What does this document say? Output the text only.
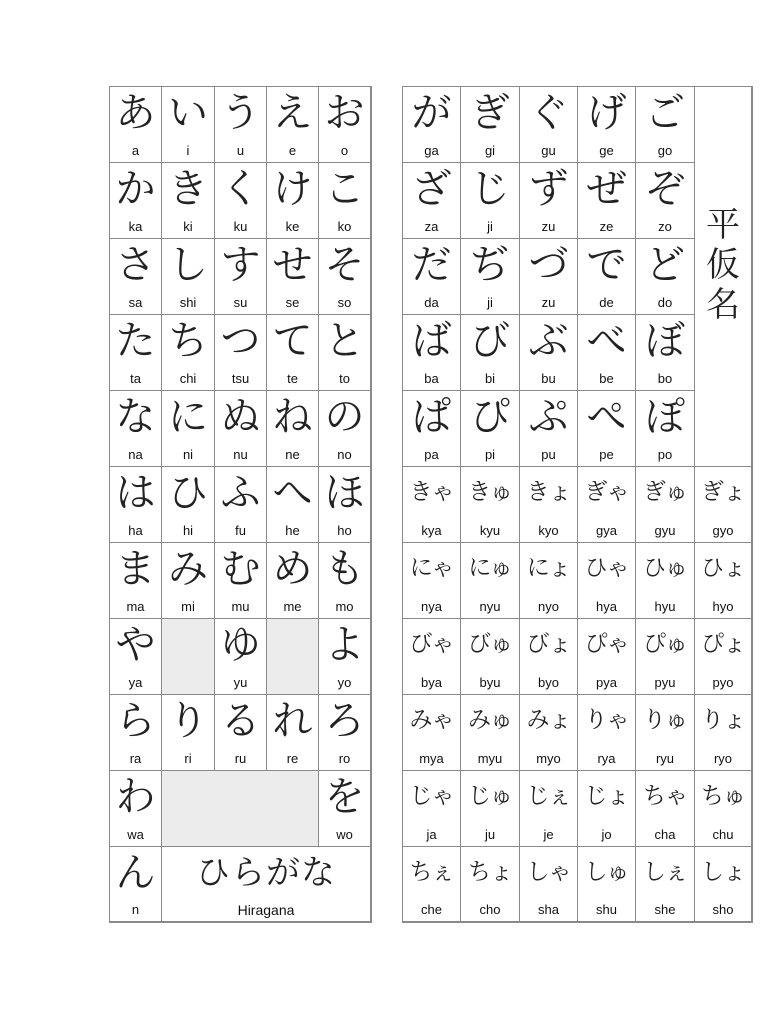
あ
a
い
i
う
u
え
e
お
o
か
ka
き
ki
く
ku
け
ke
こ
ko
さ
sa
し
shi
す
su
せ
se
そ
so
た
ta
ち
chi
つ
tsu
て
te
と
to
な
na
に
ni
ぬ
nu
ね
ne
の
no
は
ha
ひ
hi
ふ
fu
へ
he
ほ
ho
ま
ma
み
mi
む
mu
め
me
も
mo
や
ya
ゆ
yu
よ
yo
ら
ra
り
ri
る
ru
れ
re
ろ
ro
わ
wa
を
wo
ん
n
ひらがな
Hiragana
が
ga
ぎ
gi
ぐ
gu
げ
ge
ご
go
ざ
za
じ
ji
ず
zu
ぜ
ze
ぞ
zo
だ
da
ぢ
ji
づ
zu
で
de
ど
do
ば
ba
び
bi
ぶ
bu
べ
be
ぼ
bo
ぱ
pa
ぴ
pi
ぷ
pu
ぺ
pe
ぽ
po
平
仮
名
きゃ
kya
きゅ
kyu
きょ
kyo
ぎゃ
gya
ぎゅ
gyu
ぎょ
gyo
にゃ
nya
にゅ
nyu
にょ
nyo
ひゃ
hya
ひゅ
hyu
ひょ
hyo
びゃ
bya
びゅ
byu
びょ
byo
ぴゃ
pya
ぴゅ
pyu
ぴょ
pyo
みゃ
mya
みゅ
myu
みょ
myo
りゃ
rya
りゅ
ryu
りょ
ryo
じゃ
ja
じゅ
ju
じぇ
je
じょ
jo
ちゃ
cha
ちゅ
chu
ちぇ
che
ちょ
cho
しゃ
sha
しゅ
shu
しぇ
she
しょ
sho
